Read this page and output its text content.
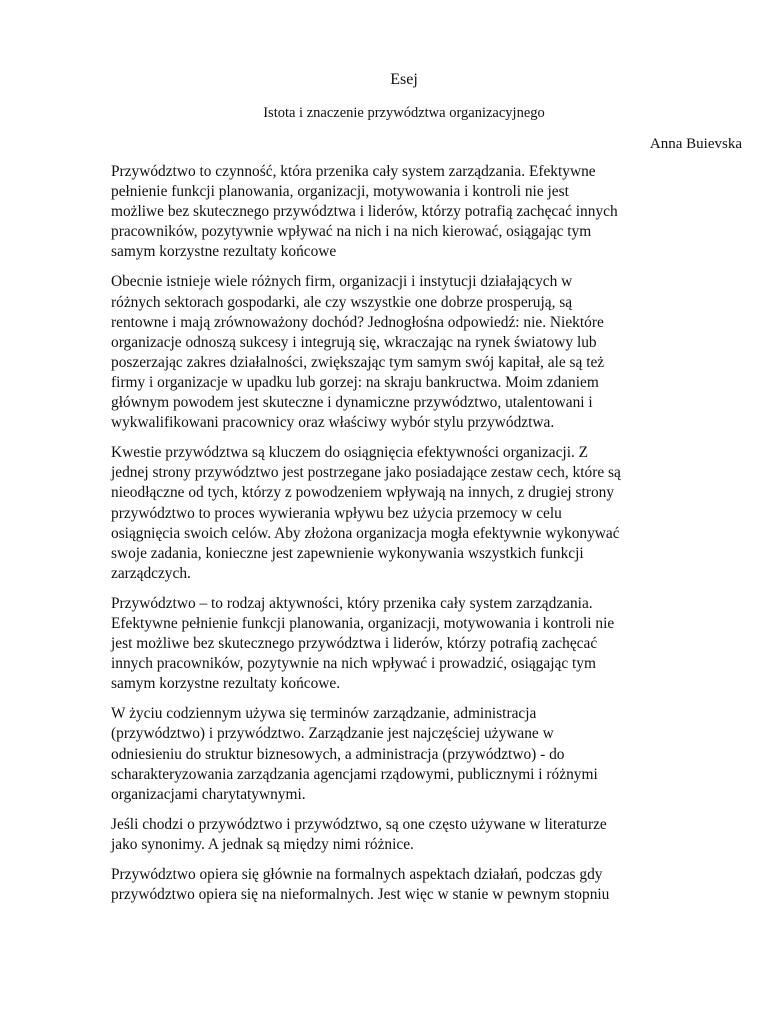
Esej
Istota i znaczenie przywództwa organizacyjnego

Anna Buievska

Przywództwo to czynność, która przenika cały system zarządzania. Efektywne
pełnienie funkcji planowania, organizacji, motywowania i kontroli nie jest
możliwe bez skutecznego przywództwa i liderów, którzy potrafią zachęcać innych
pracowników, pozytywnie wpływać na nich i na nich kierować, osiągając tym
samym korzystne rezultaty końcowe

Obecnie istnieje wiele różnych firm, organizacji i instytucji działających w
różnych sektorach gospodarki, ale czy wszystkie one dobrze prosperują, są
rentowne i mają zrównoważony dochód? Jednogłośna odpowiedź: nie. Niektóre
organizacje odnoszą sukcesy i integrują się, wkraczając na rynek światowy lub
poszerzając zakres działalności, zwiększając tym samym swój kapitał, ale są też
firmy i organizacje w upadku lub gorzej: na skraju bankructwa. Moim zdaniem
głównym powodem jest skuteczne i dynamiczne przywództwo, utalentowani i
wykwalifikowani pracownicy oraz właściwy wybór stylu przywództwa.

Kwestie przywództwa są kluczem do osiągnięcia efektywności organizacji. Z
jednej strony przywództwo jest postrzegane jako posiadające zestaw cech, które są
nieodłączne od tych, którzy z powodzeniem wpływają na innych, z drugiej strony
przywództwo to proces wywierania wpływu bez użycia przemocy w celu
osiągnięcia swoich celów. Aby złożona organizacja mogła efektywnie wykonywać
swoje zadania, konieczne jest zapewnienie wykonywania wszystkich funkcji
zarządczych.

Przywództwo – to rodzaj aktywności, który przenika cały system zarządzania.
Efektywne pełnienie funkcji planowania, organizacji, motywowania i kontroli nie
jest możliwe bez skutecznego przywództwa i liderów, którzy potrafią zachęcać
innych pracowników, pozytywnie na nich wpływać i prowadzić, osiągając tym
samym korzystne rezultaty końcowe.

W życiu codziennym używa się terminów zarządzanie, administracja
(przywództwo) i przywództwo. Zarządzanie jest najczęściej używane w
odniesieniu do struktur biznesowych, a administracja (przywództwo) - do
scharakteryzowania zarządzania agencjami rządowymi, publicznymi i różnymi
organizacjami charytatywnymi.

Jeśli chodzi o przywództwo i przywództwo, są one często używane w literaturze
jako synonimy. A jednak są między nimi różnice.

Przywództwo opiera się głównie na formalnych aspektach działań, podczas gdy
przywództwo opiera się na nieformalnych. Jest więc w stanie w pewnym stopniu
